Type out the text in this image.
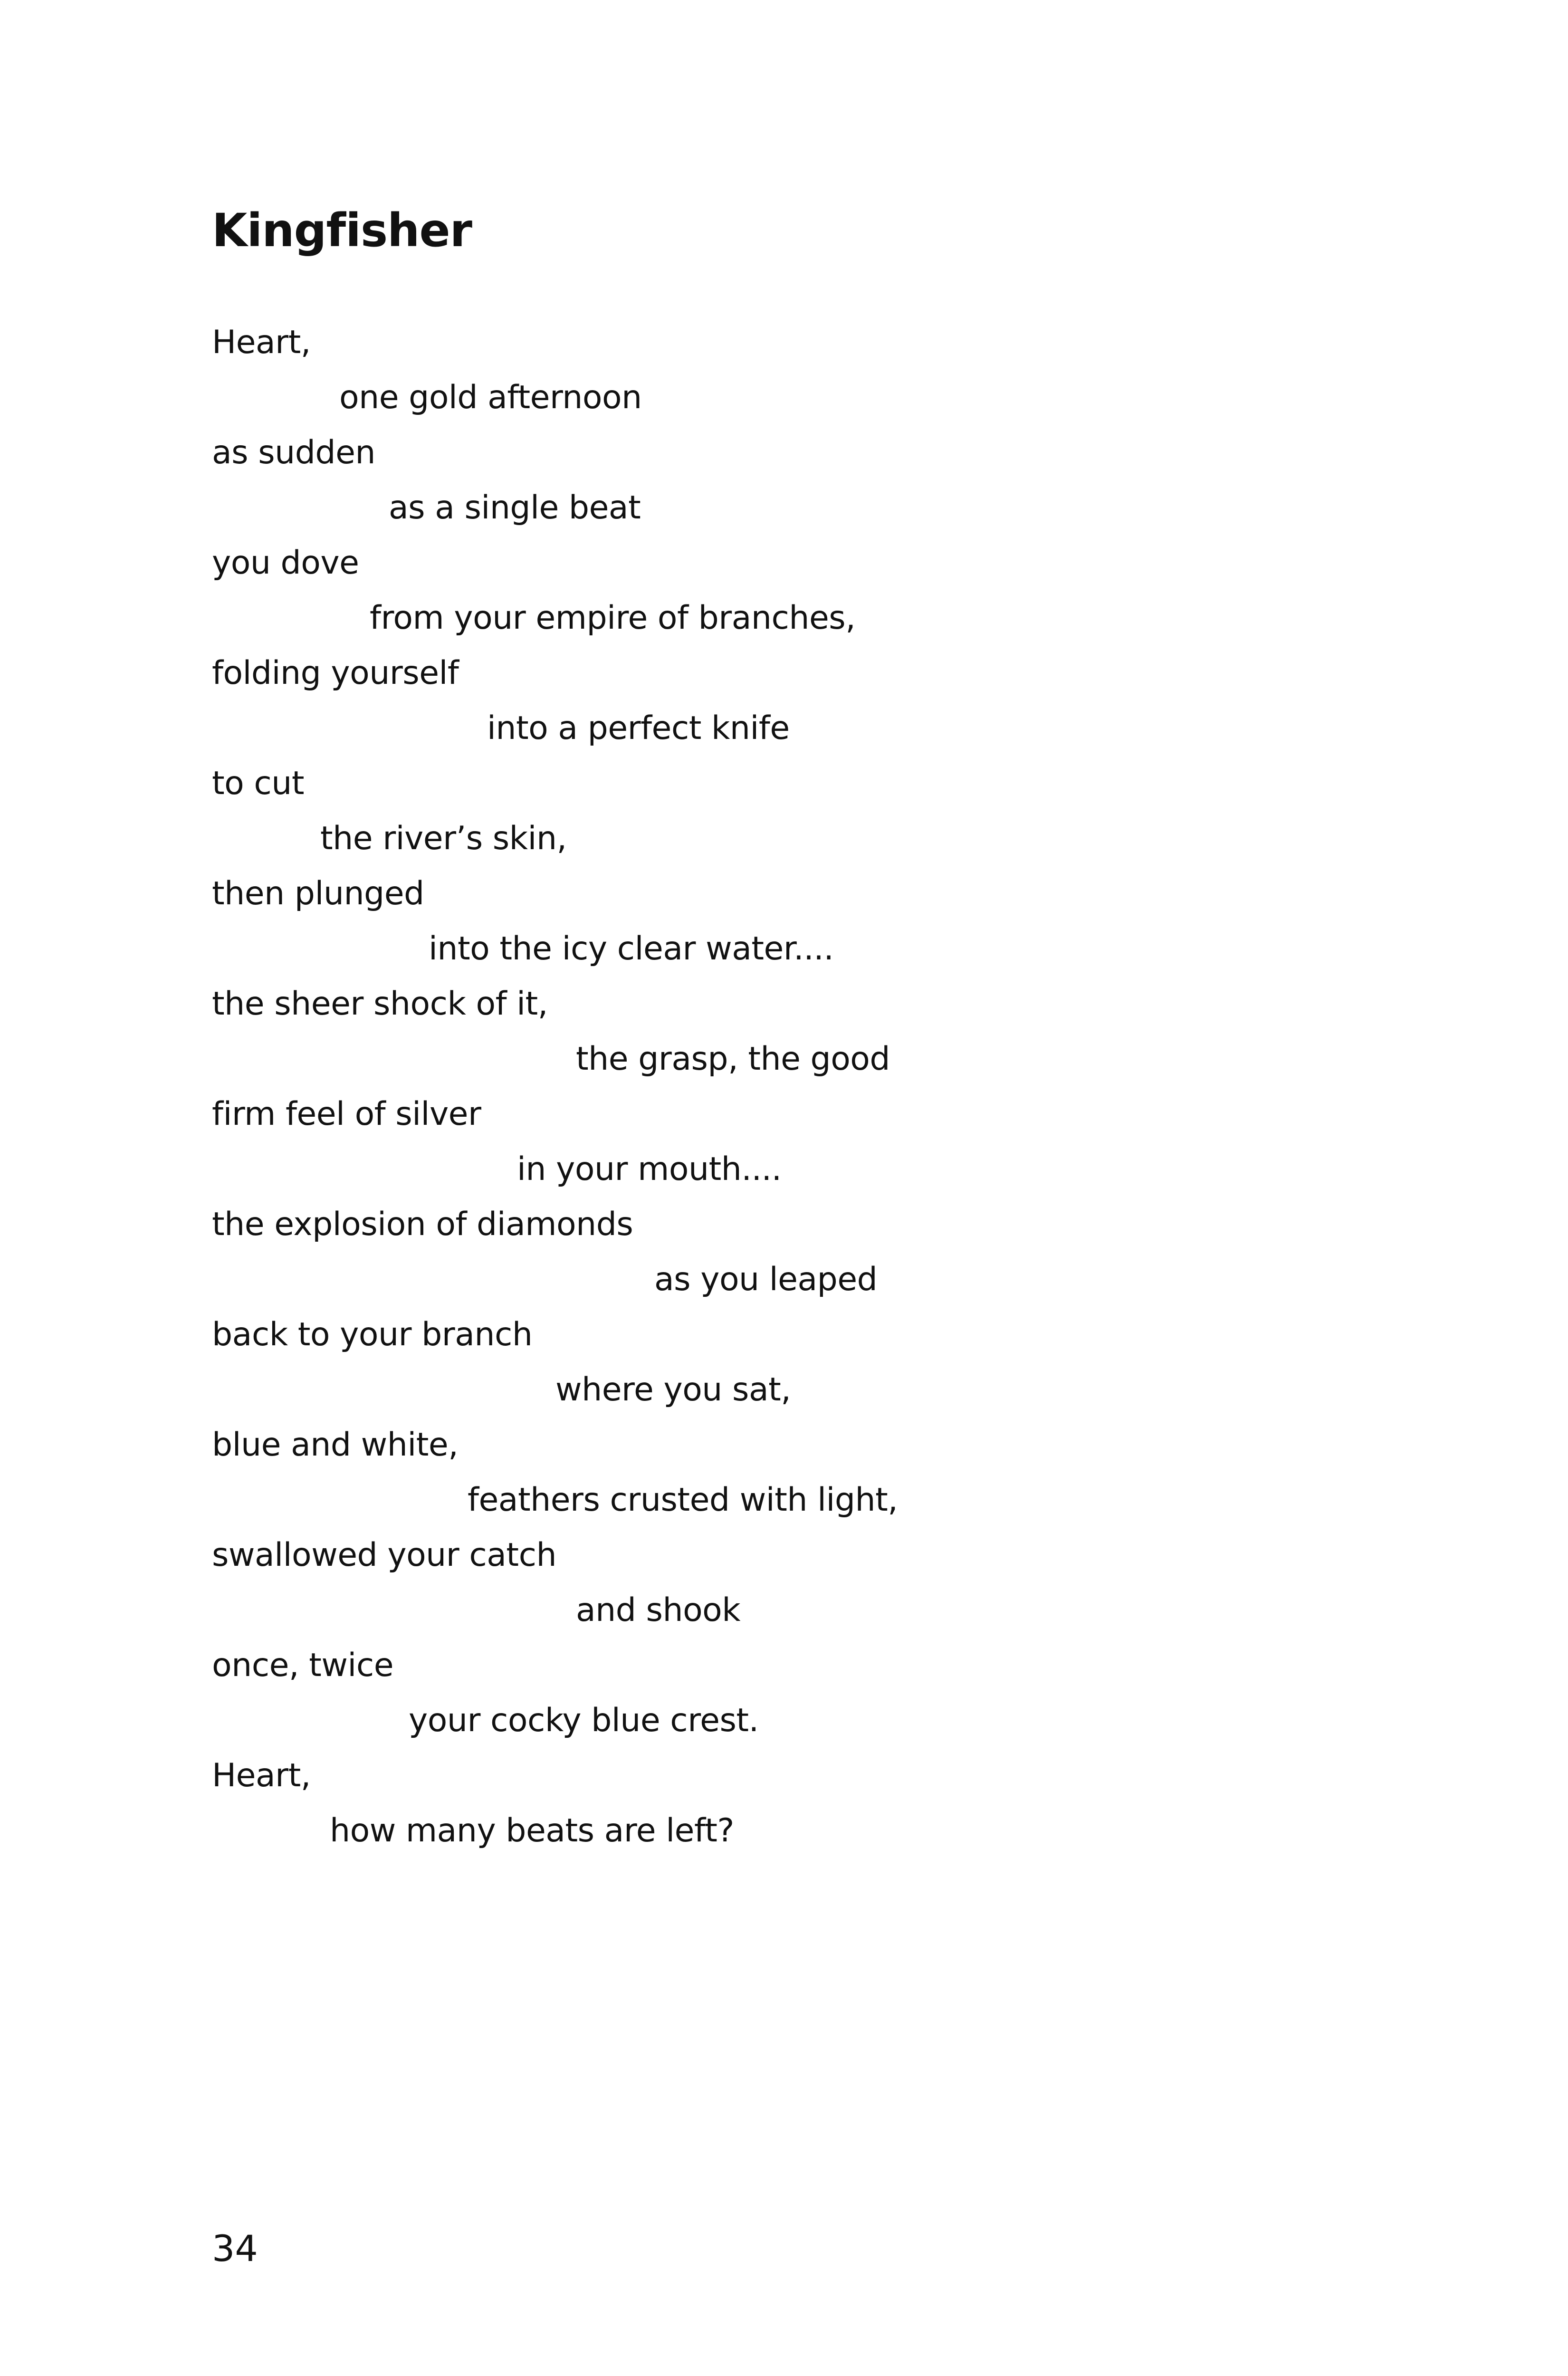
Kingfisher
Heart,
one gold afternoon
as sudden
as a single beat
you dove
from your empire of branches,
folding yourself
into a perfect knife
to cut
the river’s skin,
then plunged
into the icy clear water....
the sheer shock of it,
the grasp, the good
firm feel of silver
in your mouth....
the explosion of diamonds
as you leaped
back to your branch
where you sat,
blue and white,
feathers crusted with light,
swallowed your catch
and shook
once, twice
your cocky blue crest.
Heart,
how many beats are left?
34
